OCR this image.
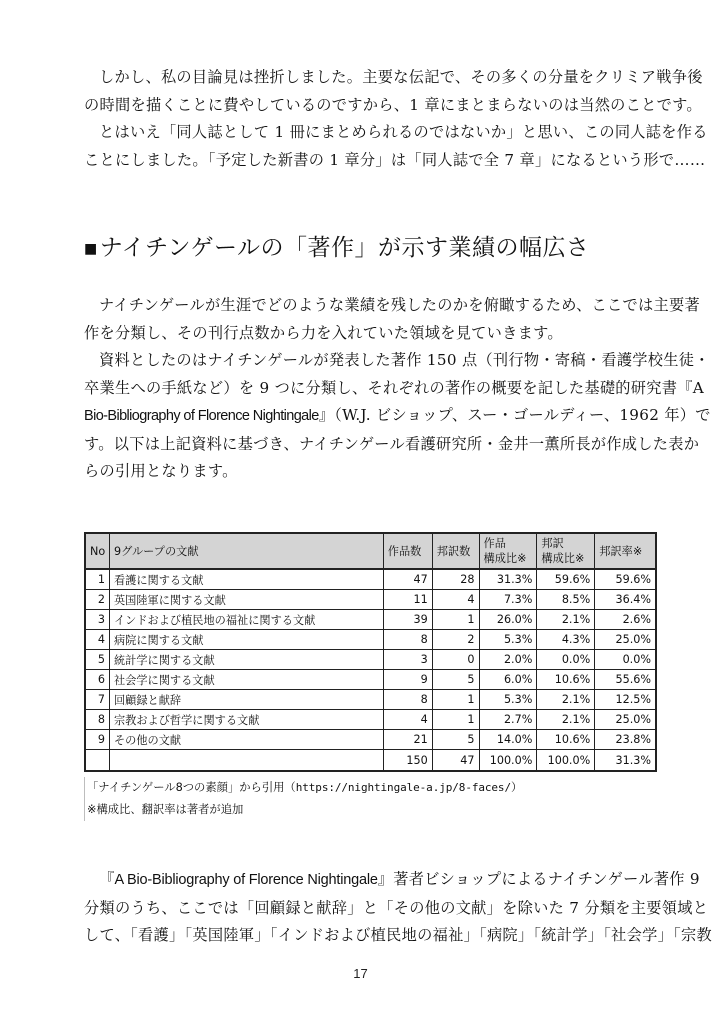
しかし、私の目論見は挫折しました。主要な伝記で、その多くの分量をクリミア戦争後
の時間を描くことに費やしているのですから、1 章にまとまらないのは当然のことです。
とはいえ「同人誌として 1 冊にまとめられるのではないか」と思い、この同人誌を作る
ことにしました。「予定した新書の 1 章分」は「同人誌で全 7 章」になるという形で……
■ナイチンゲールの「著作」が示す業績の幅広さ
ナイチンゲールが生涯でどのような業績を残したのかを俯瞰するため、ここでは主要著
作を分類し、その刊行点数から力を入れていた領域を見ていきます。
資料としたのはナイチンゲールが発表した著作 150 点（刊行物・寄稿・看護学校生徒・
卒業生への手紙など）を 9 つに分類し、それぞれの著作の概要を記した基礎的研究書『A
Bio-Bibliography of Florence Nightingale』（W.J. ビショップ、スー・ゴールディー、1962 年）で
す。以下は上記資料に基づき、ナイチンゲール看護研究所・金井一薫所長が作成した表か
らの引用となります。
No	9グループの文献	作品数	邦訳数	作品
構成比※	邦訳
構成比※	邦訳率※
1	看護に関する文献	47	28	31.3%	59.6%	59.6%
2	英国陸軍に関する文献	11	4	7.3%	8.5%	36.4%
3	インドおよび植民地の福祉に関する文献	39	1	26.0%	2.1%	2.6%
4	病院に関する文献	8	2	5.3%	4.3%	25.0%
5	統計学に関する文献	3	0	2.0%	0.0%	0.0%
6	社会学に関する文献	9	5	6.0%	10.6%	55.6%
7	回顧録と献辞	8	1	5.3%	2.1%	12.5%
8	宗教および哲学に関する文献	4	1	2.7%	2.1%	25.0%
9	その他の文献	21	5	14.0%	10.6%	23.8%
		150	47	100.0%	100.0%	31.3%
「ナイチンゲール8つの素顔」から引用（https://nightingale-a.jp/8-faces/）
※構成比、翻訳率は著者が追加
『A Bio-Bibliography of Florence Nightingale』著者ビショップによるナイチンゲール著作 9
分類のうち、ここでは「回顧録と献辞」と「その他の文献」を除いた 7 分類を主要領域と
して、「看護」「英国陸軍」「インドおよび植民地の福祉」「病院」「統計学」「社会学」「宗教
17
